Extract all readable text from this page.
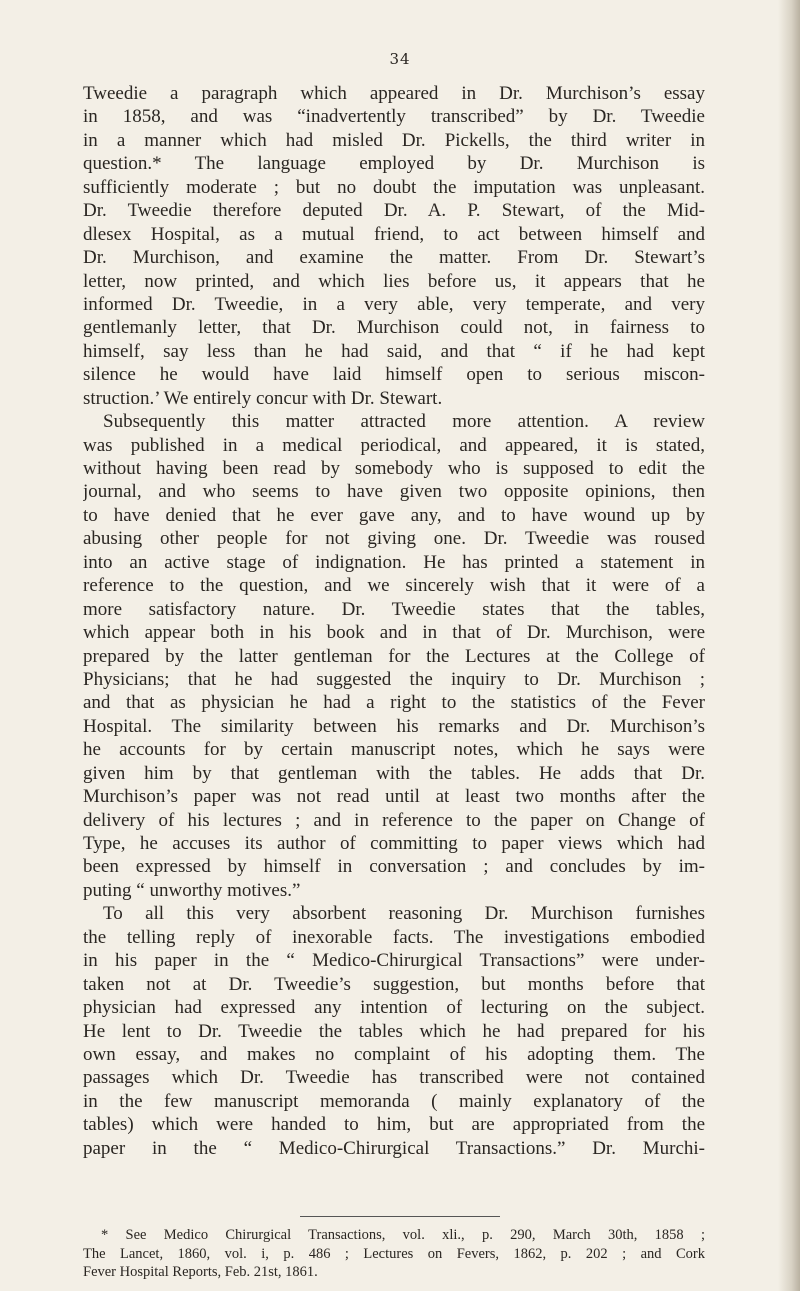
34
Tweedie a paragraph which appeared in Dr. Murchison’s essay
in 1858, and was “inadvertently transcribed” by Dr. Tweedie
in a manner which had misled Dr. Pickells, the third writer in
question.* The language employed by Dr. Murchison is
sufficiently moderate ; but no doubt the imputation was unpleasant.
Dr. Tweedie therefore deputed Dr. A. P. Stewart, of the Mid-
dlesex Hospital, as a mutual friend, to act between himself and
Dr. Murchison, and examine the matter. From Dr. Stewart’s
letter, now printed, and which lies before us, it appears that he
informed Dr. Tweedie, in a very able, very temperate, and very
gentlemanly letter, that Dr. Murchison could not, in fairness to
himself, say less than he had said, and that “ if he had kept
silence he would have laid himself open to serious miscon-
struction.’ We entirely concur with Dr. Stewart.
Subsequently this matter attracted more attention. A review
was published in a medical periodical, and appeared, it is stated,
without having been read by somebody who is supposed to edit the
journal, and who seems to have given two opposite opinions, then
to have denied that he ever gave any, and to have wound up by
abusing other people for not giving one. Dr. Tweedie was roused
into an active stage of indignation. He has printed a statement in
reference to the question, and we sincerely wish that it were of a
more satisfactory nature. Dr. Tweedie states that the tables,
which appear both in his book and in that of Dr. Murchison, were
prepared by the latter gentleman for the Lectures at the College of
Physicians; that he had suggested the inquiry to Dr. Murchison ;
and that as physician he had a right to the statistics of the Fever
Hospital. The similarity between his remarks and Dr. Murchison’s
he accounts for by certain manuscript notes, which he says were
given him by that gentleman with the tables. He adds that Dr.
Murchison’s paper was not read until at least two months after the
delivery of his lectures ; and in reference to the paper on Change of
Type, he accuses its author of committing to paper views which had
been expressed by himself in conversation ; and concludes by im-
puting “ unworthy motives.”
To all this very absorbent reasoning Dr. Murchison furnishes
the telling reply of inexorable facts. The investigations embodied
in his paper in the “ Medico-Chirurgical Transactions” were under-
taken not at Dr. Tweedie’s suggestion, but months before that
physician had expressed any intention of lecturing on the subject.
He lent to Dr. Tweedie the tables which he had prepared for his
own essay, and makes no complaint of his adopting them. The
passages which Dr. Tweedie has transcribed were not contained
in the few manuscript memoranda ( mainly explanatory of the
tables) which were handed to him, but are appropriated from the
paper in the “ Medico-Chirurgical Transactions.” Dr. Murchi-
* See Medico Chirurgical Transactions, vol. xli., p. 290, March 30th, 1858 ;
The Lancet, 1860, vol. i, p. 486 ; Lectures on Fevers, 1862, p. 202 ; and Cork
Fever Hospital Reports, Feb. 21st, 1861.
